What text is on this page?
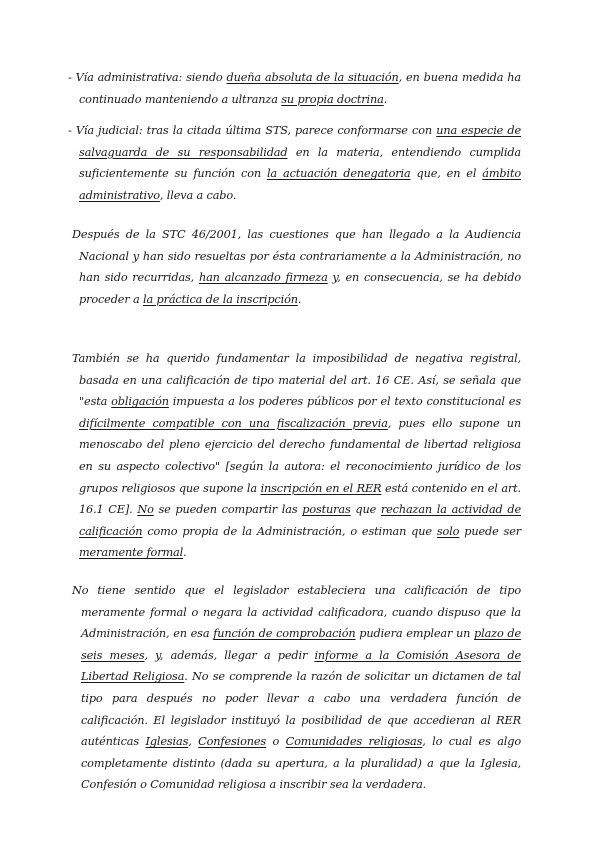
- Vía administrativa: siendo dueña absoluta de la situación, en buena medida ha continuado manteniendo a ultranza su propia doctrina.

- Vía judicial: tras la citada última STS, parece conformarse con una especie de salvaguarda de su responsabilidad en la materia, entendiendo cumplida suficientemente su función con la actuación denegatoria que, en el ámbito administrativo, lleva a cabo.

Después de la STC 46/2001, las cuestiones que han llegado a la Audiencia Nacional y han sido resueltas por ésta contrariamente a la Administración, no han sido recurridas, han alcanzado firmeza y, en consecuencia, se ha debido proceder a la práctica de la inscripción.

También se ha querido fundamentar la imposibilidad de negativa registral, basada en una calificación de tipo material del art. 16 CE. Así, se señala que "esta obligación impuesta a los poderes públicos por el texto constitucional es difícilmente compatible con una fiscalización previa, pues ello supone un menoscabo del pleno ejercicio del derecho fundamental de libertad religiosa en su aspecto colectivo" [según la autora: el reconocimiento jurídico de los grupos religiosos que supone la inscripción en el RER está contenido en el art. 16.1 CE]. No se pueden compartir las posturas que rechazan la actividad de calificación como propia de la Administración, o estiman que solo puede ser meramente formal.

No tiene sentido que el legislador estableciera una calificación de tipo meramente formal o negara la actividad calificadora, cuando dispuso que la Administración, en esa función de comprobación pudiera emplear un plazo de seis meses, y, además, llegar a pedir informe a la Comisión Asesora de Libertad Religiosa. No se comprende la razón de solicitar un dictamen de tal tipo para después no poder llevar a cabo una verdadera función de calificación. El legislador instituyó la posibilidad de que accedieran al RER auténticas Iglesias, Confesiones o Comunidades religiosas, lo cual es algo completamente distinto (dada su apertura, a la pluralidad) a que la Iglesia, Confesión o Comunidad religiosa a inscribir sea la verdadera.
